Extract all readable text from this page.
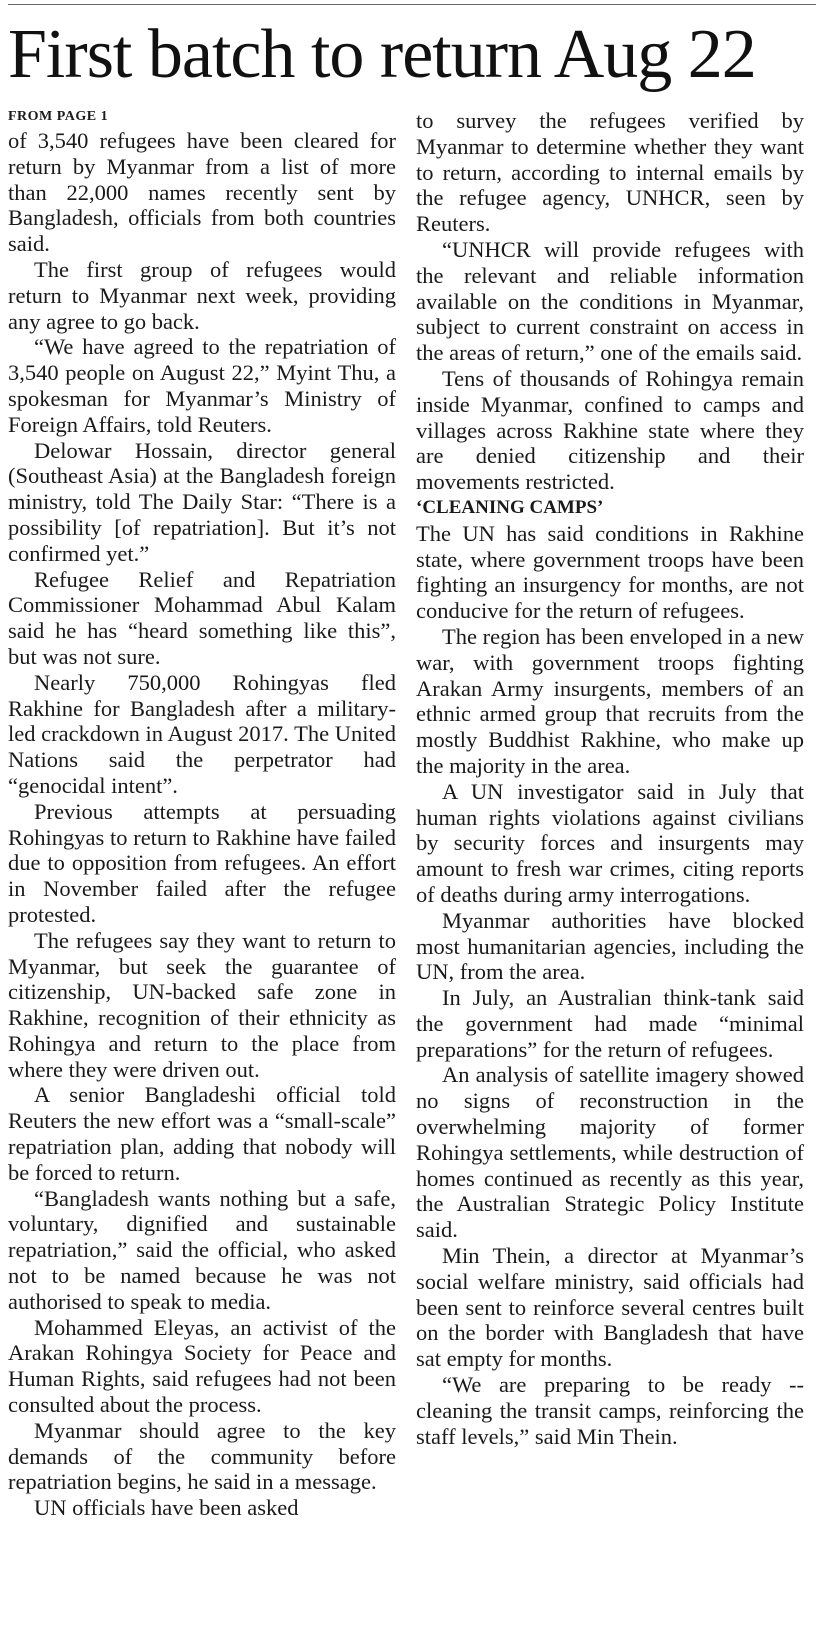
First batch to return Aug 22
FROM PAGE 1

of 3,540 refugees have been cleared for return by Myanmar from a list of more than 22,000 names recently sent by Bangladesh, officials from both countries said.

The first group of refugees would return to Myanmar next week, providing any agree to go back.

“We have agreed to the repatriation of 3,540 people on August 22,” Myint Thu, a spokesman for Myanmar’s Ministry of Foreign Affairs, told Reuters.

Delowar Hossain, director general (Southeast Asia) at the Bangladesh foreign ministry, told The Daily Star: “There is a possibility [of repatriation]. But it’s not confirmed yet.”

Refugee Relief and Repatriation Commissioner Mohammad Abul Kalam said he has “heard something like this”, but was not sure.

Nearly 750,000 Rohingyas fled Rakhine for Bangladesh after a military-led crackdown in August 2017. The United Nations said the perpetrator had “genocidal intent”.

Previous attempts at persuading Rohingyas to return to Rakhine have failed due to opposition from refugees. An effort in November failed after the refugee protested.

The refugees say they want to return to Myanmar, but seek the guarantee of citizenship, UN-backed safe zone in Rakhine, recognition of their ethnicity as Rohingya and return to the place from where they were driven out.

A senior Bangladeshi official told Reuters the new effort was a “small-scale” repatriation plan, adding that nobody will be forced to return.

“Bangladesh wants nothing but a safe, voluntary, dignified and sustainable repatriation,” said the official, who asked not to be named because he was not authorised to speak to media.

Mohammed Eleyas, an activist of the Arakan Rohingya Society for Peace and Human Rights, said refugees had not been consulted about the process.

Myanmar should agree to the key demands of the community before repatriation begins, he said in a message.

UN officials have been asked

to survey the refugees verified by Myanmar to determine whether they want to return, according to internal emails by the refugee agency, UNHCR, seen by Reuters.

“UNHCR will provide refugees with the relevant and reliable information available on the conditions in Myanmar, subject to current constraint on access in the areas of return,” one of the emails said.

Tens of thousands of Rohingya remain inside Myanmar, confined to camps and villages across Rakhine state where they are denied citizenship and their movements restricted.

‘CLEANING CAMPS’

The UN has said conditions in Rakhine state, where government troops have been fighting an insurgency for months, are not conducive for the return of refugees.

The region has been enveloped in a new war, with government troops fighting Arakan Army insurgents, members of an ethnic armed group that recruits from the mostly Buddhist Rakhine, who make up the majority in the area.

A UN investigator said in July that human rights violations against civilians by security forces and insurgents may amount to fresh war crimes, citing reports of deaths during army interrogations.

Myanmar authorities have blocked most humanitarian agencies, including the UN, from the area.

In July, an Australian think-tank said the government had made “minimal preparations” for the return of refugees.

An analysis of satellite imagery showed no signs of reconstruction in the overwhelming majority of former Rohingya settlements, while destruction of homes continued as recently as this year, the Australian Strategic Policy Institute said.

Min Thein, a director at Myanmar’s social welfare ministry, said officials had been sent to reinforce several centres built on the border with Bangladesh that have sat empty for months.

“We are preparing to be ready -- cleaning the transit camps, reinforcing the staff levels,” said Min Thein.
